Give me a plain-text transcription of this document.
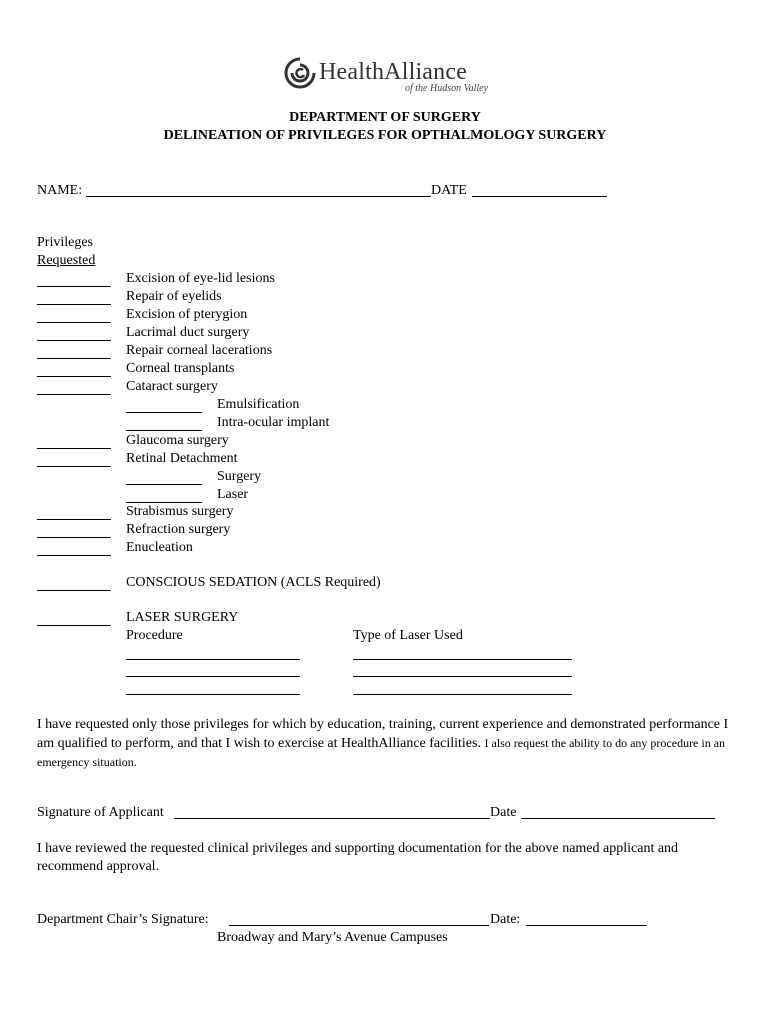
HealthAlliance
of the Hudson Valley
DEPARTMENT OF SURGERY
DELINEATION OF PRIVILEGES FOR OPTHALMOLOGY SURGERY
NAME:	DATE
Privileges
Requested
Excision of eye-lid lesions
Repair of eyelids
Excision of pterygion
Lacrimal duct surgery
Repair corneal lacerations
Corneal transplants
Cataract surgery
Emulsification
Intra-ocular implant
Glaucoma surgery
Retinal Detachment
Surgery
Laser
Strabismus surgery
Refraction surgery
Enucleation
CONSCIOUS SEDATION (ACLS Required)
LASER SURGERY
Procedure	Type of Laser Used
I have requested only those privileges for which by education, training, current experience and demonstrated performance I am qualified to perform, and that I wish to exercise at HealthAlliance facilities. I also request the ability to do any procedure in an emergency situation.
Signature of Applicant	Date
I have reviewed the requested clinical privileges and supporting documentation for the above named applicant and recommend approval.
Department Chair’s Signature:	Date:
Broadway and Mary’s Avenue Campuses
